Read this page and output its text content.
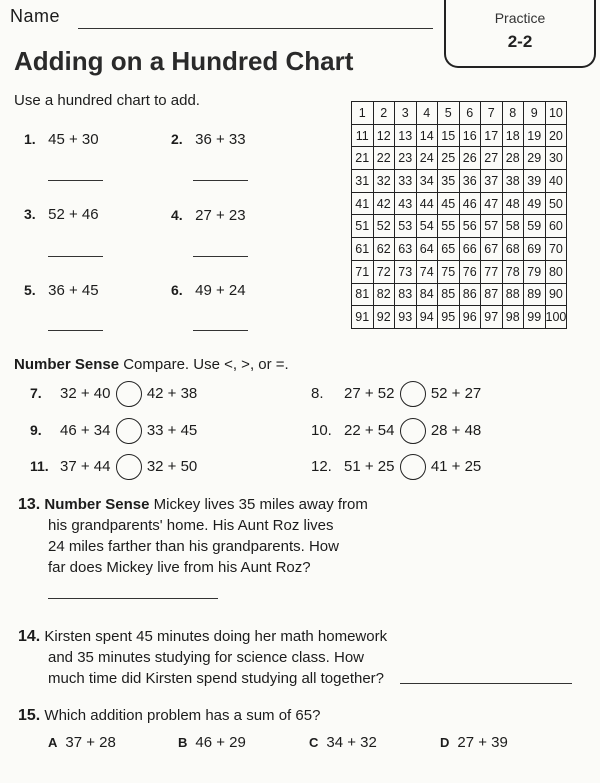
Name	Practice
2-2
Adding on a Hundred Chart
Use a hundred chart to add.
1. 45 + 30	2. 36 + 33
3. 52 + 46	4. 27 + 23
5. 36 + 45	6. 49 + 24
1	2	3	4	5	6	7	8	9	10
11	12	13	14	15	16	17	18	19	20
21	22	23	24	25	26	27	28	29	30
31	32	33	34	35	36	37	38	39	40
41	42	43	44	45	46	47	48	49	50
51	52	53	54	55	56	57	58	59	60
61	62	63	64	65	66	67	68	69	70
71	72	73	74	75	76	77	78	79	80
81	82	83	84	85	86	87	88	89	90
91	92	93	94	95	96	97	98	99	100
Number Sense Compare. Use <, >, or =.
7. 32 + 40 42 + 38	8. 27 + 52 52 + 27
9. 46 + 34 33 + 45	10. 22 + 54 28 + 48
11. 37 + 44 32 + 50	12. 51 + 25 41 + 25
13. Number Sense Mickey lives 35 miles away from
his grandparents' home. His Aunt Roz lives
24 miles farther than his grandparents. How
far does Mickey live from his Aunt Roz?
14. Kirsten spent 45 minutes doing her math homework
and 35 minutes studying for science class. How
much time did Kirsten spend studying all together?
15. Which addition problem has a sum of 65?
A 37 + 28	B 46 + 29	C 34 + 32	D 27 + 39
